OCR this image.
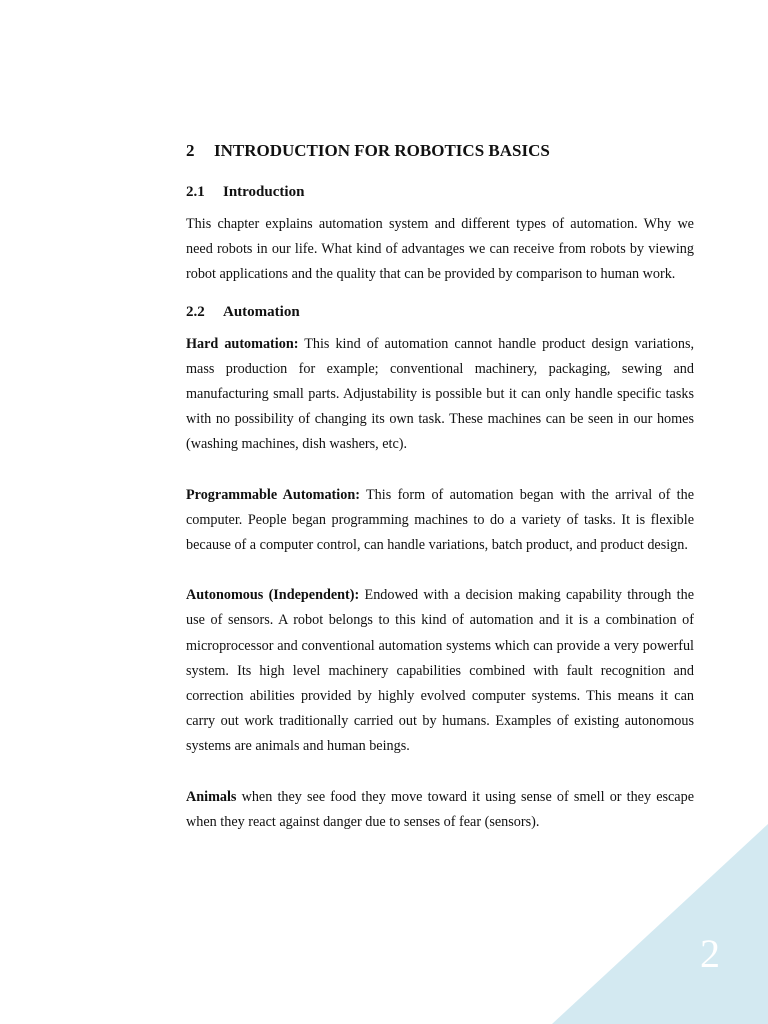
2	INTRODUCTION FOR ROBOTICS BASICS
2.1	Introduction

This chapter explains automation system and different types of automation. Why we need robots in our life. What kind of advantages we can receive from robots by viewing robot applications and the quality that can be provided by comparison to human work.

2.2	Automation

Hard automation: This kind of automation cannot handle product design variations, mass production for example; conventional machinery, packaging, sewing and manufacturing small parts. Adjustability is possible but it can only handle specific tasks with no possibility of changing its own task. These machines can be seen in our homes (washing machines, dish washers, etc).

Programmable Automation: This form of automation began with the arrival of the computer. People began programming machines to do a variety of tasks. It is flexible because of a computer control, can handle variations, batch product, and product design.

Autonomous (Independent): Endowed with a decision making capability through the use of sensors. A robot belongs to this kind of automation and it is a combination of microprocessor and conventional automation systems which can provide a very powerful system. Its high level machinery capabilities combined with fault recognition and correction abilities provided by highly evolved computer systems. This means it can carry out work traditionally carried out by humans. Examples of existing autonomous systems are animals and human beings.

Animals when they see food they move toward it using sense of smell or they escape when they react against danger due to senses of fear (sensors).

2
